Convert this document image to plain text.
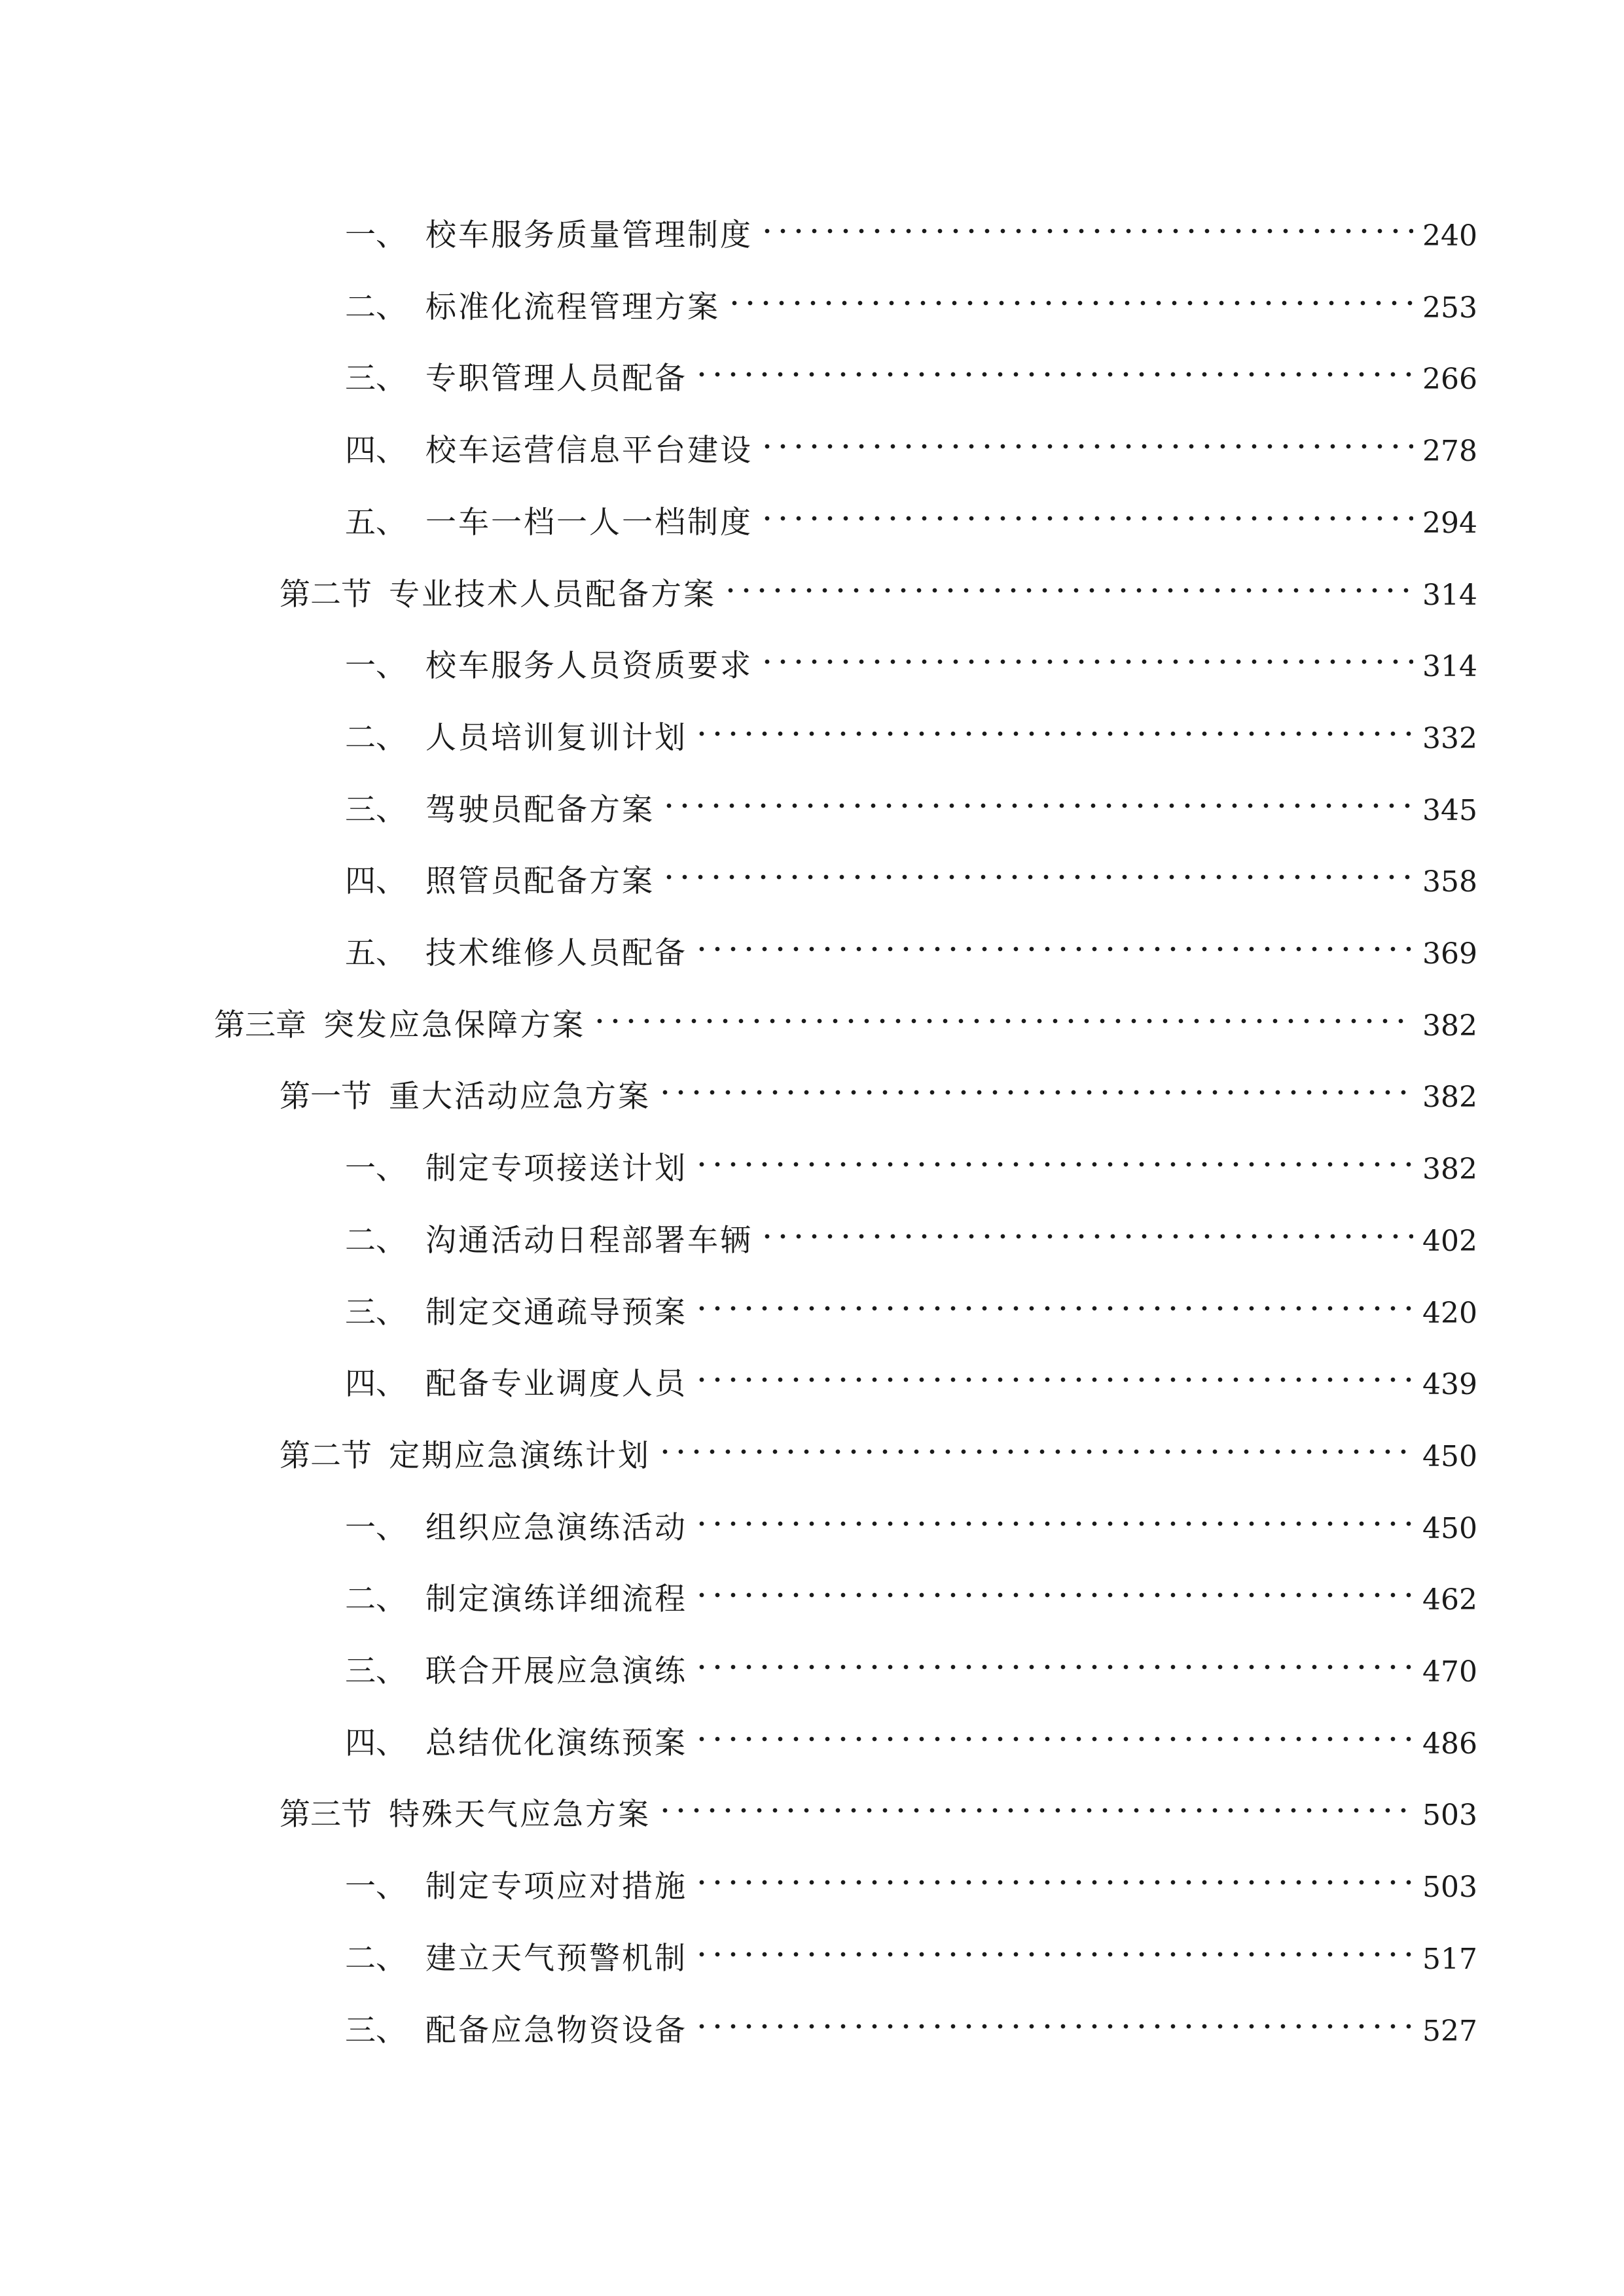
一、 校车服务质量管理制度	240
二、 标准化流程管理方案	253
三、 专职管理人员配备	266
四、 校车运营信息平台建设	278
五、 一车一档一人一档制度	294
第二节 专业技术人员配备方案	314
一、 校车服务人员资质要求	314
二、 人员培训复训计划	332
三、 驾驶员配备方案	345
四、 照管员配备方案	358
五、 技术维修人员配备	369
第三章 突发应急保障方案	382
第一节 重大活动应急方案	382
一、 制定专项接送计划	382
二、 沟通活动日程部署车辆	402
三、 制定交通疏导预案	420
四、 配备专业调度人员	439
第二节 定期应急演练计划	450
一、 组织应急演练活动	450
二、 制定演练详细流程	462
三、 联合开展应急演练	470
四、 总结优化演练预案	486
第三节 特殊天气应急方案	503
一、 制定专项应对措施	503
二、 建立天气预警机制	517
三、 配备应急物资设备	527
